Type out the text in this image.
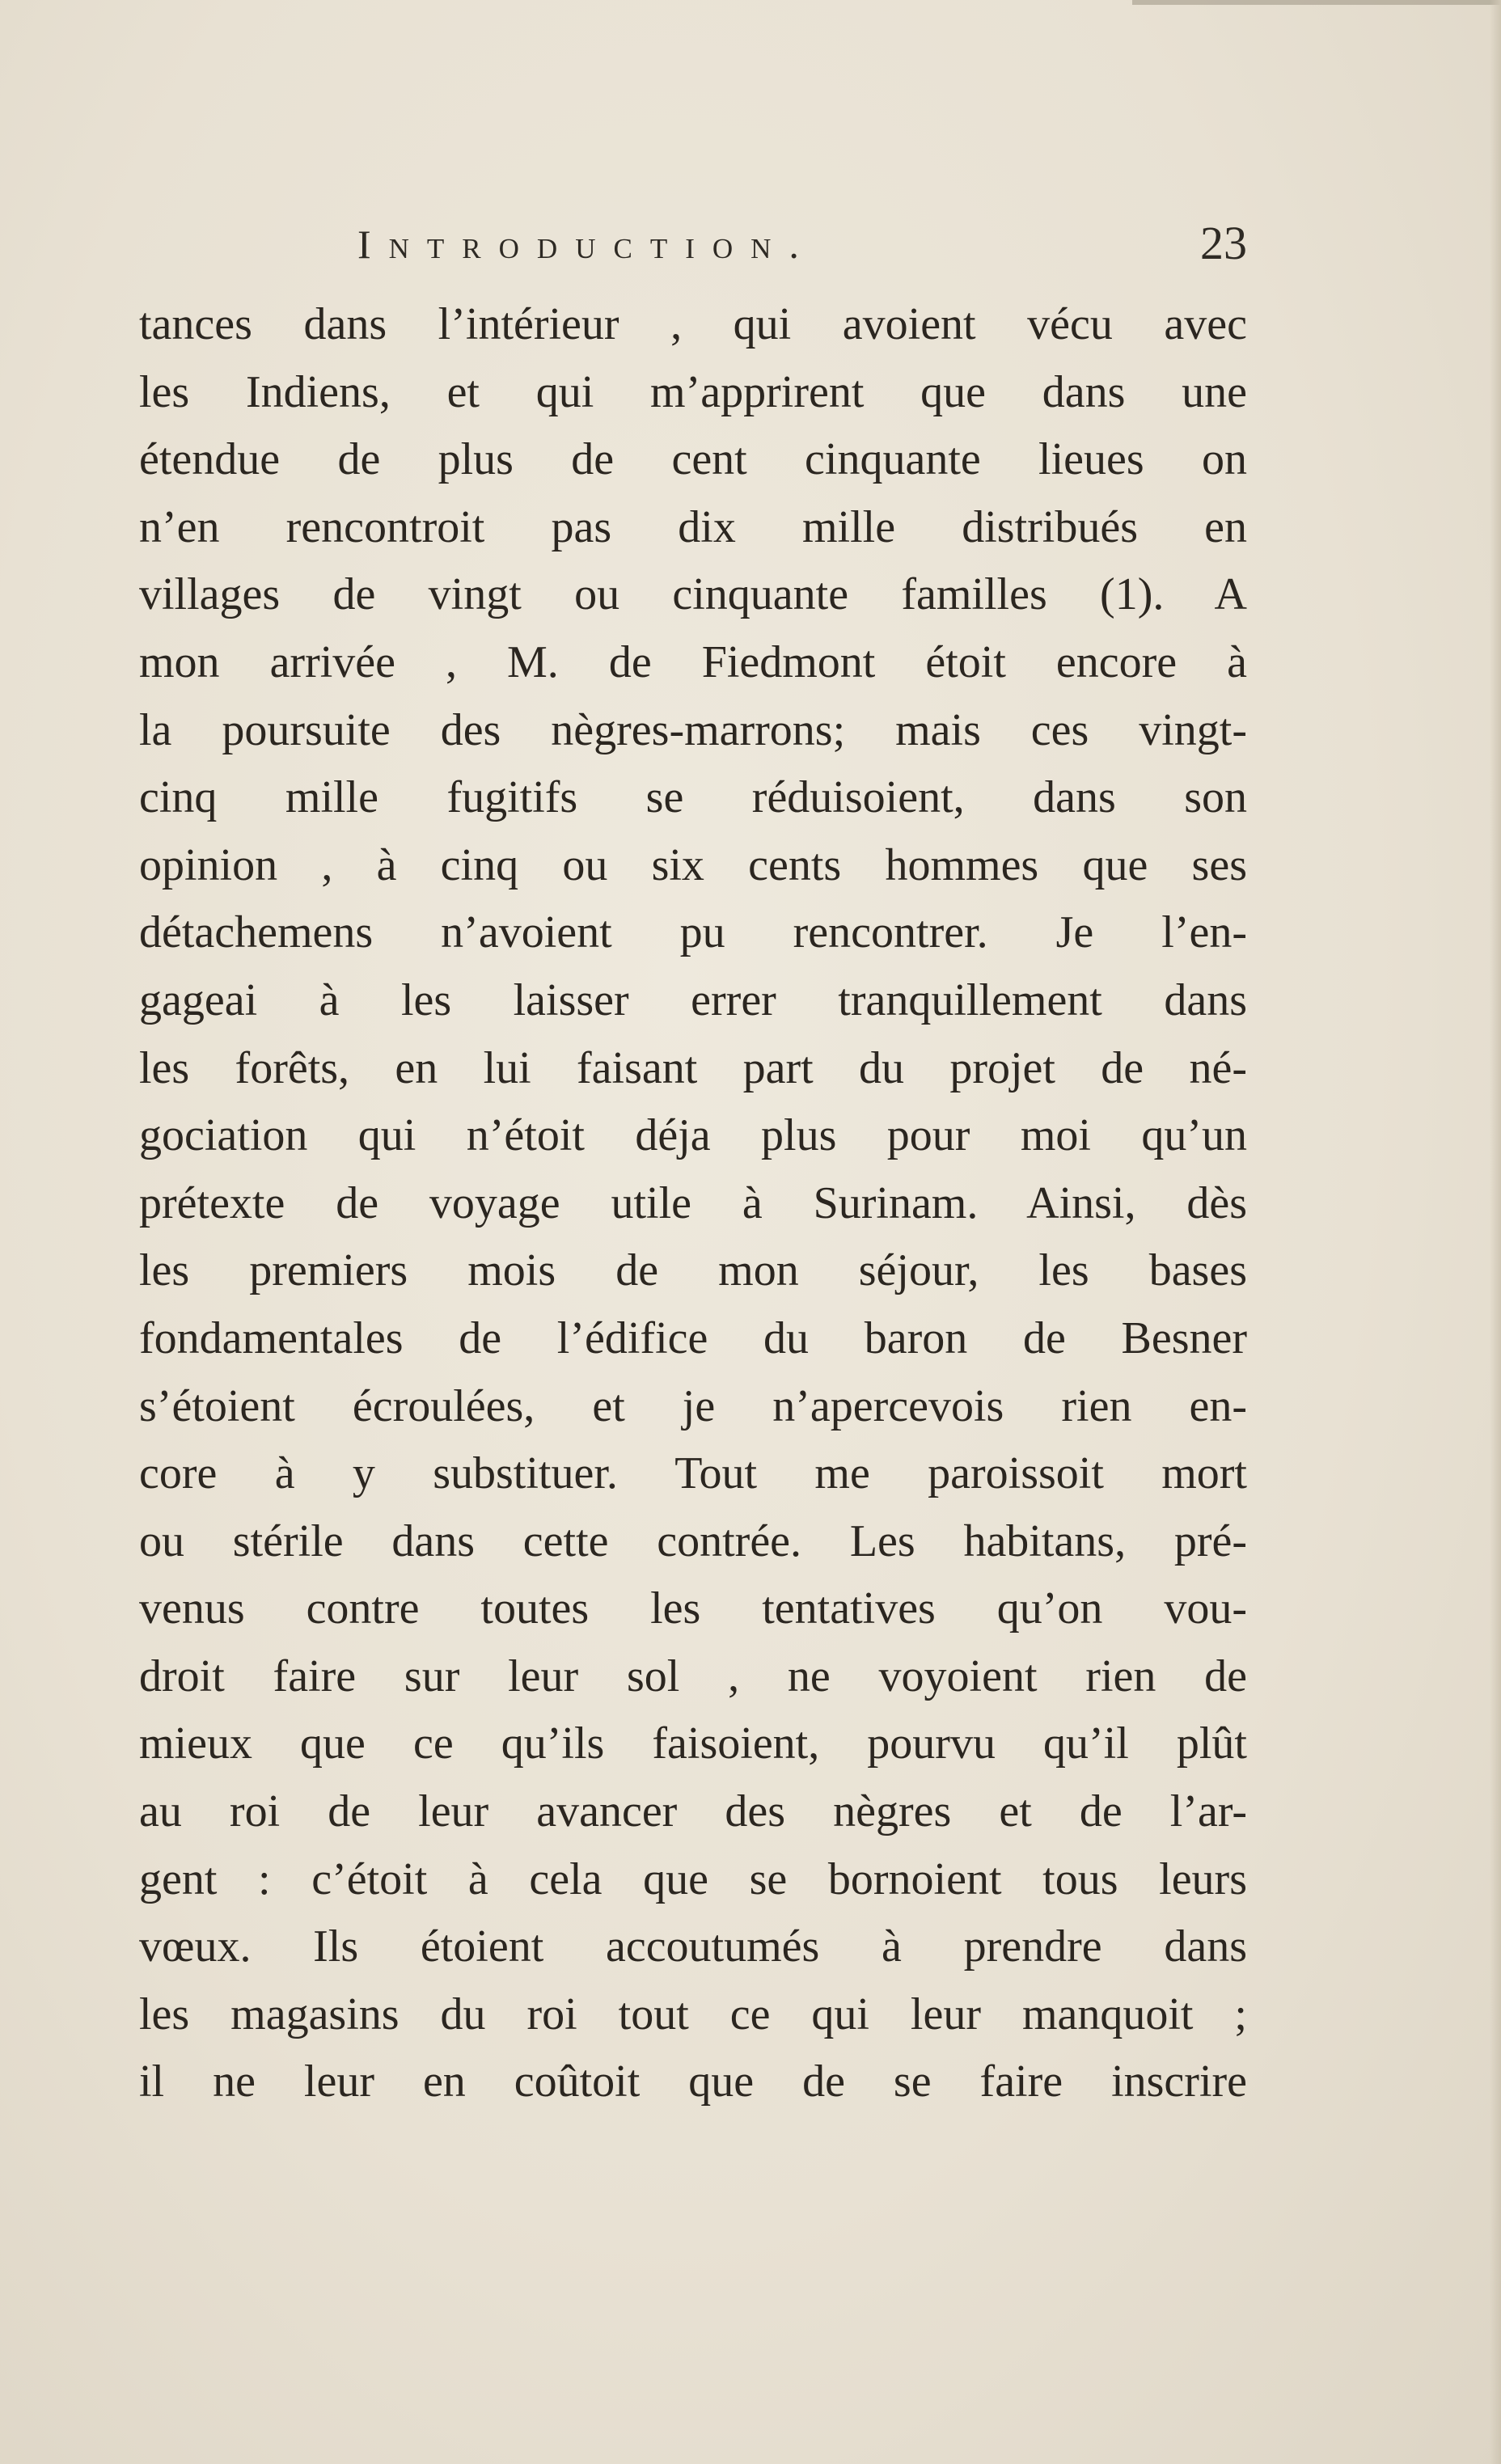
Introduction.	23
tances dans l’intérieur , qui avoient vécu avec
les Indiens, et qui m’apprirent que dans une
étendue de plus de cent cinquante lieues on
n’en rencontroit pas dix mille distribués en
villages de vingt ou cinquante familles (1). A
mon arrivée , M. de Fiedmont étoit encore à
la poursuite des nègres-marrons; mais ces vingt-
cinq mille fugitifs se réduisoient, dans son
opinion , à cinq ou six cents hommes que ses
détachemens n’avoient pu rencontrer. Je l’en-
gageai à les laisser errer tranquillement dans
les forêts, en lui faisant part du projet de né-
gociation qui n’étoit déja plus pour moi qu’un
prétexte de voyage utile à Surinam. Ainsi, dès
les premiers mois de mon séjour, les bases
fondamentales de l’édifice du baron de Besner
s’étoient écroulées, et je n’apercevois rien en-
core à y substituer. Tout me paroissoit mort
ou stérile dans cette contrée. Les habitans, pré-
venus contre toutes les tentatives qu’on vou-
droit faire sur leur sol , ne voyoient rien de
mieux que ce qu’ils faisoient, pourvu qu’il plût
au roi de leur avancer des nègres et de l’ar-
gent : c’étoit à cela que se bornoient tous leurs
vœux. Ils étoient accoutumés à prendre dans
les magasins du roi tout ce qui leur manquoit ;
il ne leur en coûtoit que de se faire inscrire
